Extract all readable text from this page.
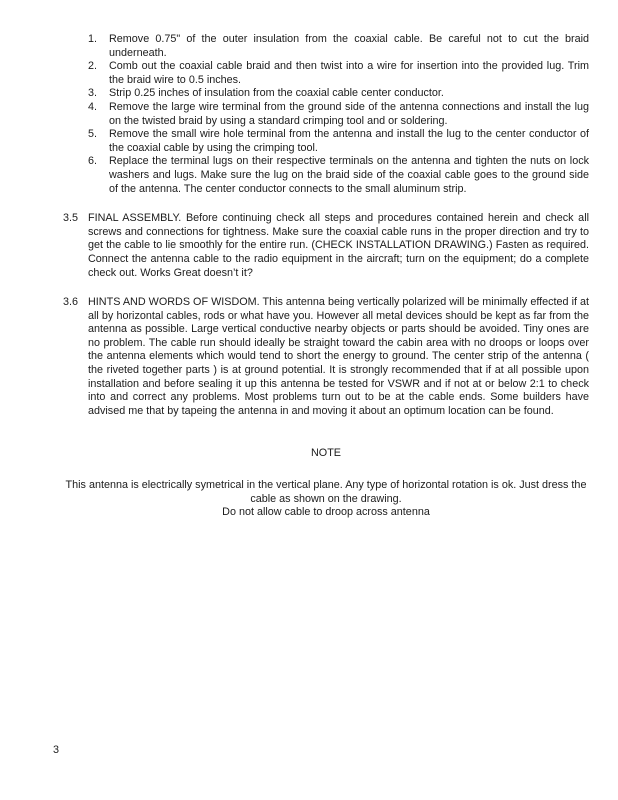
1. Remove 0.75" of the outer insulation from the coaxial cable. Be careful not to cut the braid underneath.
2. Comb out the coaxial cable braid and then twist into a wire for insertion into the provided lug. Trim the braid wire to 0.5 inches.
3. Strip 0.25 inches of insulation from the coaxial cable center conductor.
4. Remove the large wire terminal from the ground side of the antenna connections and install the lug on the twisted braid by using a standard crimping tool and or soldering.
5. Remove the small wire hole terminal from the antenna and install the lug to the center conductor of the coaxial cable by using the crimping tool.
6. Replace the terminal lugs on their respective terminals on the antenna and tighten the nuts on lock washers and lugs. Make sure the lug on the braid side of the coaxial cable goes to the ground side of the antenna. The center conductor connects to the small aluminum strip.

3.5 FINAL ASSEMBLY. Before continuing check all steps and procedures contained herein and check all screws and connections for tightness. Make sure the coaxial cable runs in the proper direction and try to get the cable to lie smoothly for the entire run. (CHECK INSTALLATION DRAWING.) Fasten as required. Connect the antenna cable to the radio equipment in the aircraft; turn on the equipment; do a complete check out. Works Great doesn’t it?

3.6 HINTS AND WORDS OF WISDOM. This antenna being vertically polarized will be minimally effected if at all by horizontal cables, rods or what have you. However all metal devices should be kept as far from the antenna as possible. Large vertical conductive nearby objects or parts should be avoided. Tiny ones are no problem. The cable run should ideally be straight toward the cabin area with no droops or loops over the antenna elements which would tend to short the energy to ground. The center strip of the antenna ( the riveted together parts ) is at ground potential. It is strongly recommended that if at all possible upon installation and before sealing it up this antenna be tested for VSWR and if not at or below 2:1 to check into and correct any problems. Most problems turn out to be at the cable ends. Some builders have advised me that by tapeing the antenna in and moving it about an optimum location can be found.

NOTE

This antenna is electrically symetrical in the vertical plane. Any type of horizontal rotation is ok. Just dress the cable as shown on the drawing.

Do not allow cable to droop across antenna

3
